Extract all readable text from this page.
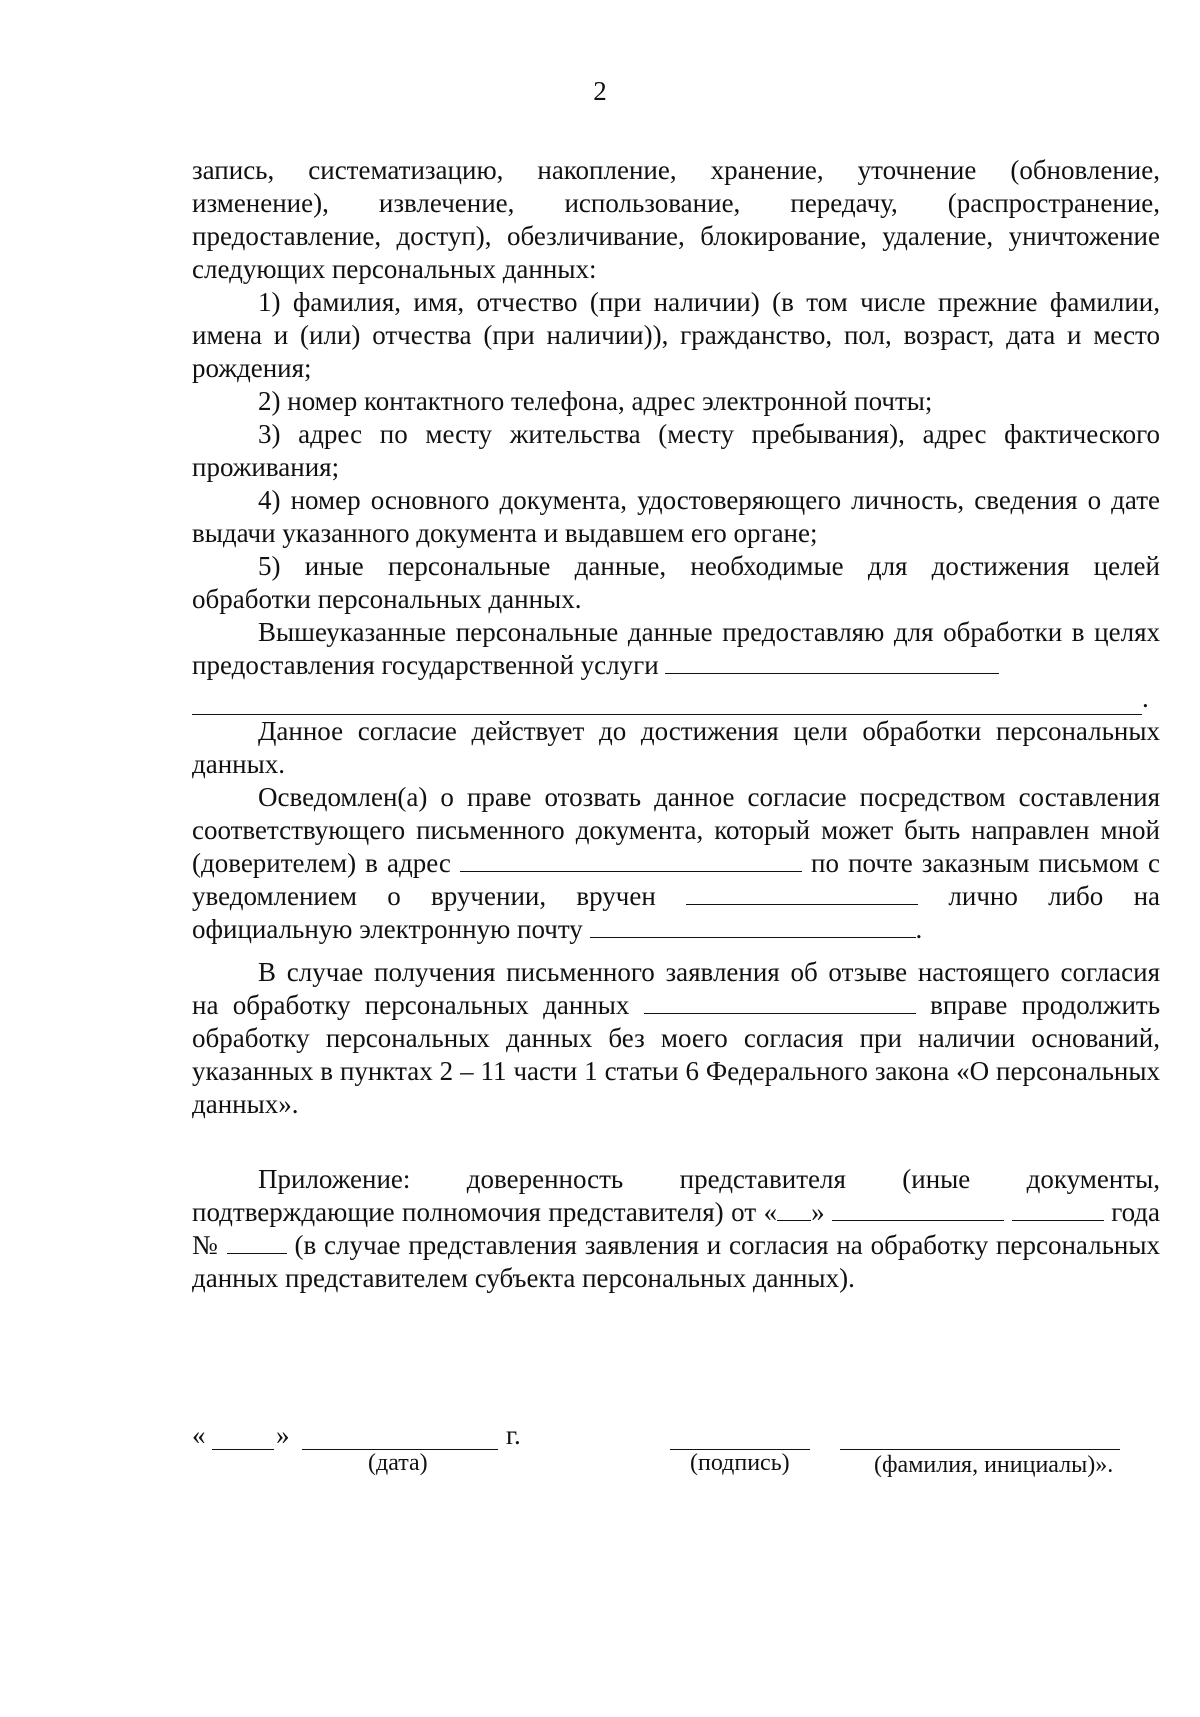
2

запись, систематизацию, накопление, хранение, уточнение (обновление, изменение), извлечение, использование, передачу, (распространение, предоставление, доступ), обезличивание, блокирование, удаление, уничтожение следующих персональных данных:

1) фамилия, имя, отчество (при наличии) (в том числе прежние фамилии, имена и (или) отчества (при наличии)), гражданство, пол, возраст, дата и место рождения;

2) номер контактного телефона, адрес электронной почты;

3) адрес по месту жительства (месту пребывания), адрес фактического проживания;

4) номер основного документа, удостоверяющего личность, сведения о дате выдачи указанного документа и выдавшем его органе;

5) иные персональные данные, необходимые для достижения целей обработки персональных данных.

Вышеуказанные персональные данные предоставляю для обработки в целях предоставления государственной услуги

.

Данное согласие действует до достижения цели обработки персональных данных.

Осведомлен(а) о праве отозвать данное согласие посредством составления соответствующего письменного документа, который может быть направлен мной (доверителем) в адрес	по почте заказным письмом с уведомлением о вручении, вручен	лично либо на официальную электронную почту	.

В случае получения письменного заявления об отзыве настоящего согласия на обработку персональных данных	вправе продолжить обработку персональных данных без моего согласия при наличии оснований, указанных в пунктах 2 – 11 части 1 статьи 6 Федерального закона «О персональных данных».

Приложение: доверенность представителя (иные документы, подтверждающие полномочия представителя) от « »	года №	(в случае представления заявления и согласия на обработку персональных данных представителем субъекта персональных данных).

«	»	г.
(дата)	(подпись)	(фамилия, инициалы)».
